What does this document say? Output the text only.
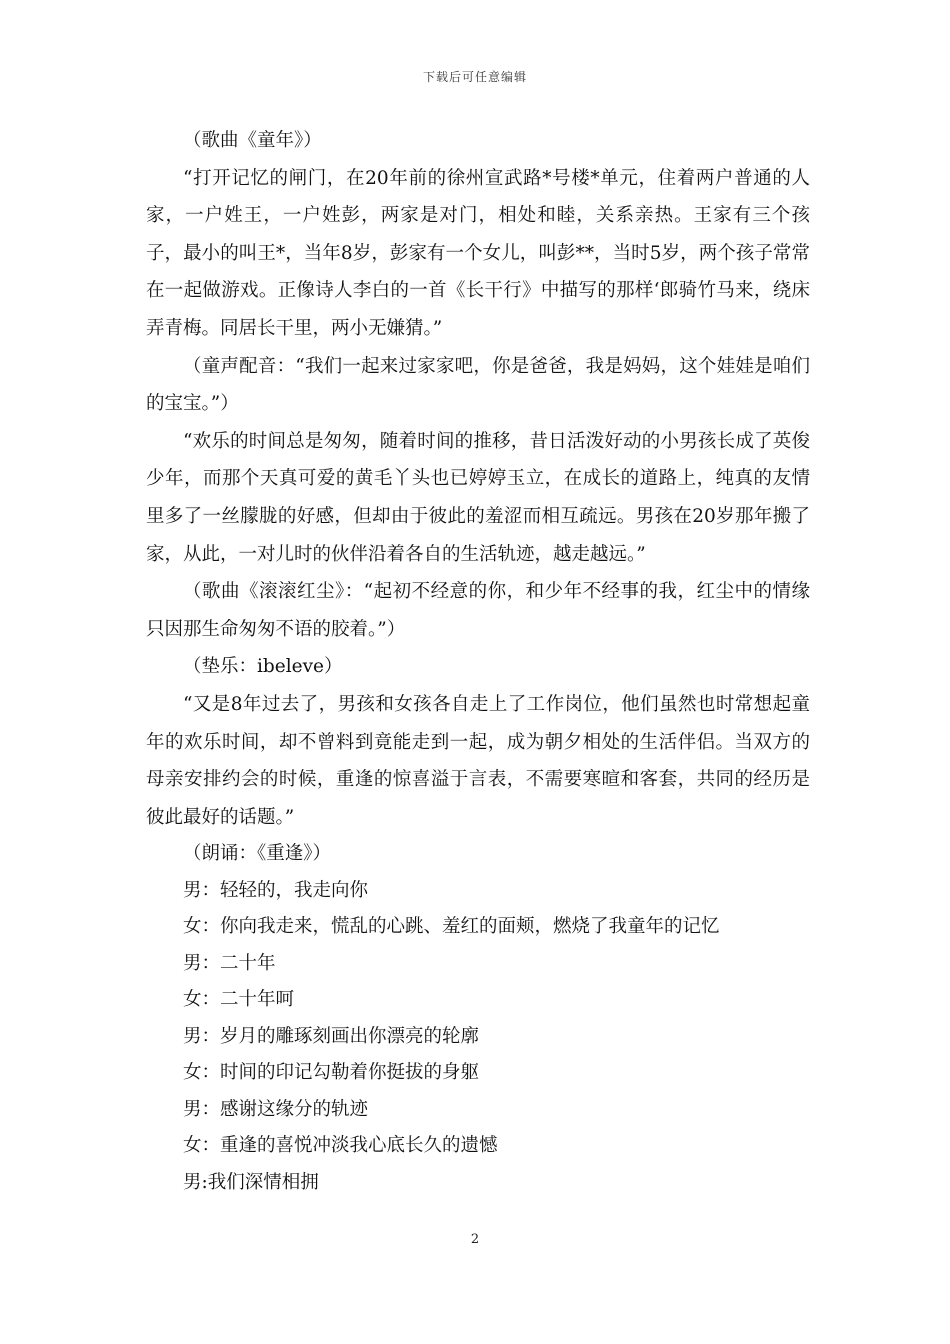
下载后可任意编辑

（歌曲《童年》）

“打开记忆的闸门，在20年前的徐州宣武路*号楼*单元，住着两户普通的人家，一户姓王，一户姓彭，两家是对门，相处和睦，关系亲热。王家有三个孩子，最小的叫王*，当年8岁，彭家有一个女儿，叫彭**，当时5岁，两个孩子常常在一起做游戏。正像诗人李白的一首《长干行》中描写的那样‘郎骑竹马来，绕床弄青梅。同居长干里，两小无嫌猜。”

（童声配音：“我们一起来过家家吧，你是爸爸，我是妈妈，这个娃娃是咱们的宝宝。”）

“欢乐的时间总是匆匆，随着时间的推移，昔日活泼好动的小男孩长成了英俊少年，而那个天真可爱的黄毛丫头也已婷婷玉立，在成长的道路上，纯真的友情里多了一丝朦胧的好感，但却由于彼此的羞涩而相互疏远。男孩在20岁那年搬了家，从此，一对儿时的伙伴沿着各自的生活轨迹，越走越远。”

（歌曲《滚滚红尘》：“起初不经意的你，和少年不经事的我，红尘中的情缘只因那生命匆匆不语的胶着。”）

（垫乐：ibeleve）

“又是8年过去了，男孩和女孩各自走上了工作岗位，他们虽然也时常想起童年的欢乐时间，却不曾料到竟能走到一起，成为朝夕相处的生活伴侣。当双方的母亲安排约会的时候，重逢的惊喜溢于言表，不需要寒暄和客套，共同的经历是彼此最好的话题。”

（朗诵：《重逢》）

男：轻轻的，我走向你

女：你向我走来，慌乱的心跳、羞红的面颊，燃烧了我童年的记忆

男：二十年

女：二十年呵

男：岁月的雕琢刻画出你漂亮的轮廓

女：时间的印记勾勒着你挺拔的身躯

男：感谢这缘分的轨迹

女：重逢的喜悦冲淡我心底长久的遗憾

男:我们深情相拥

2
